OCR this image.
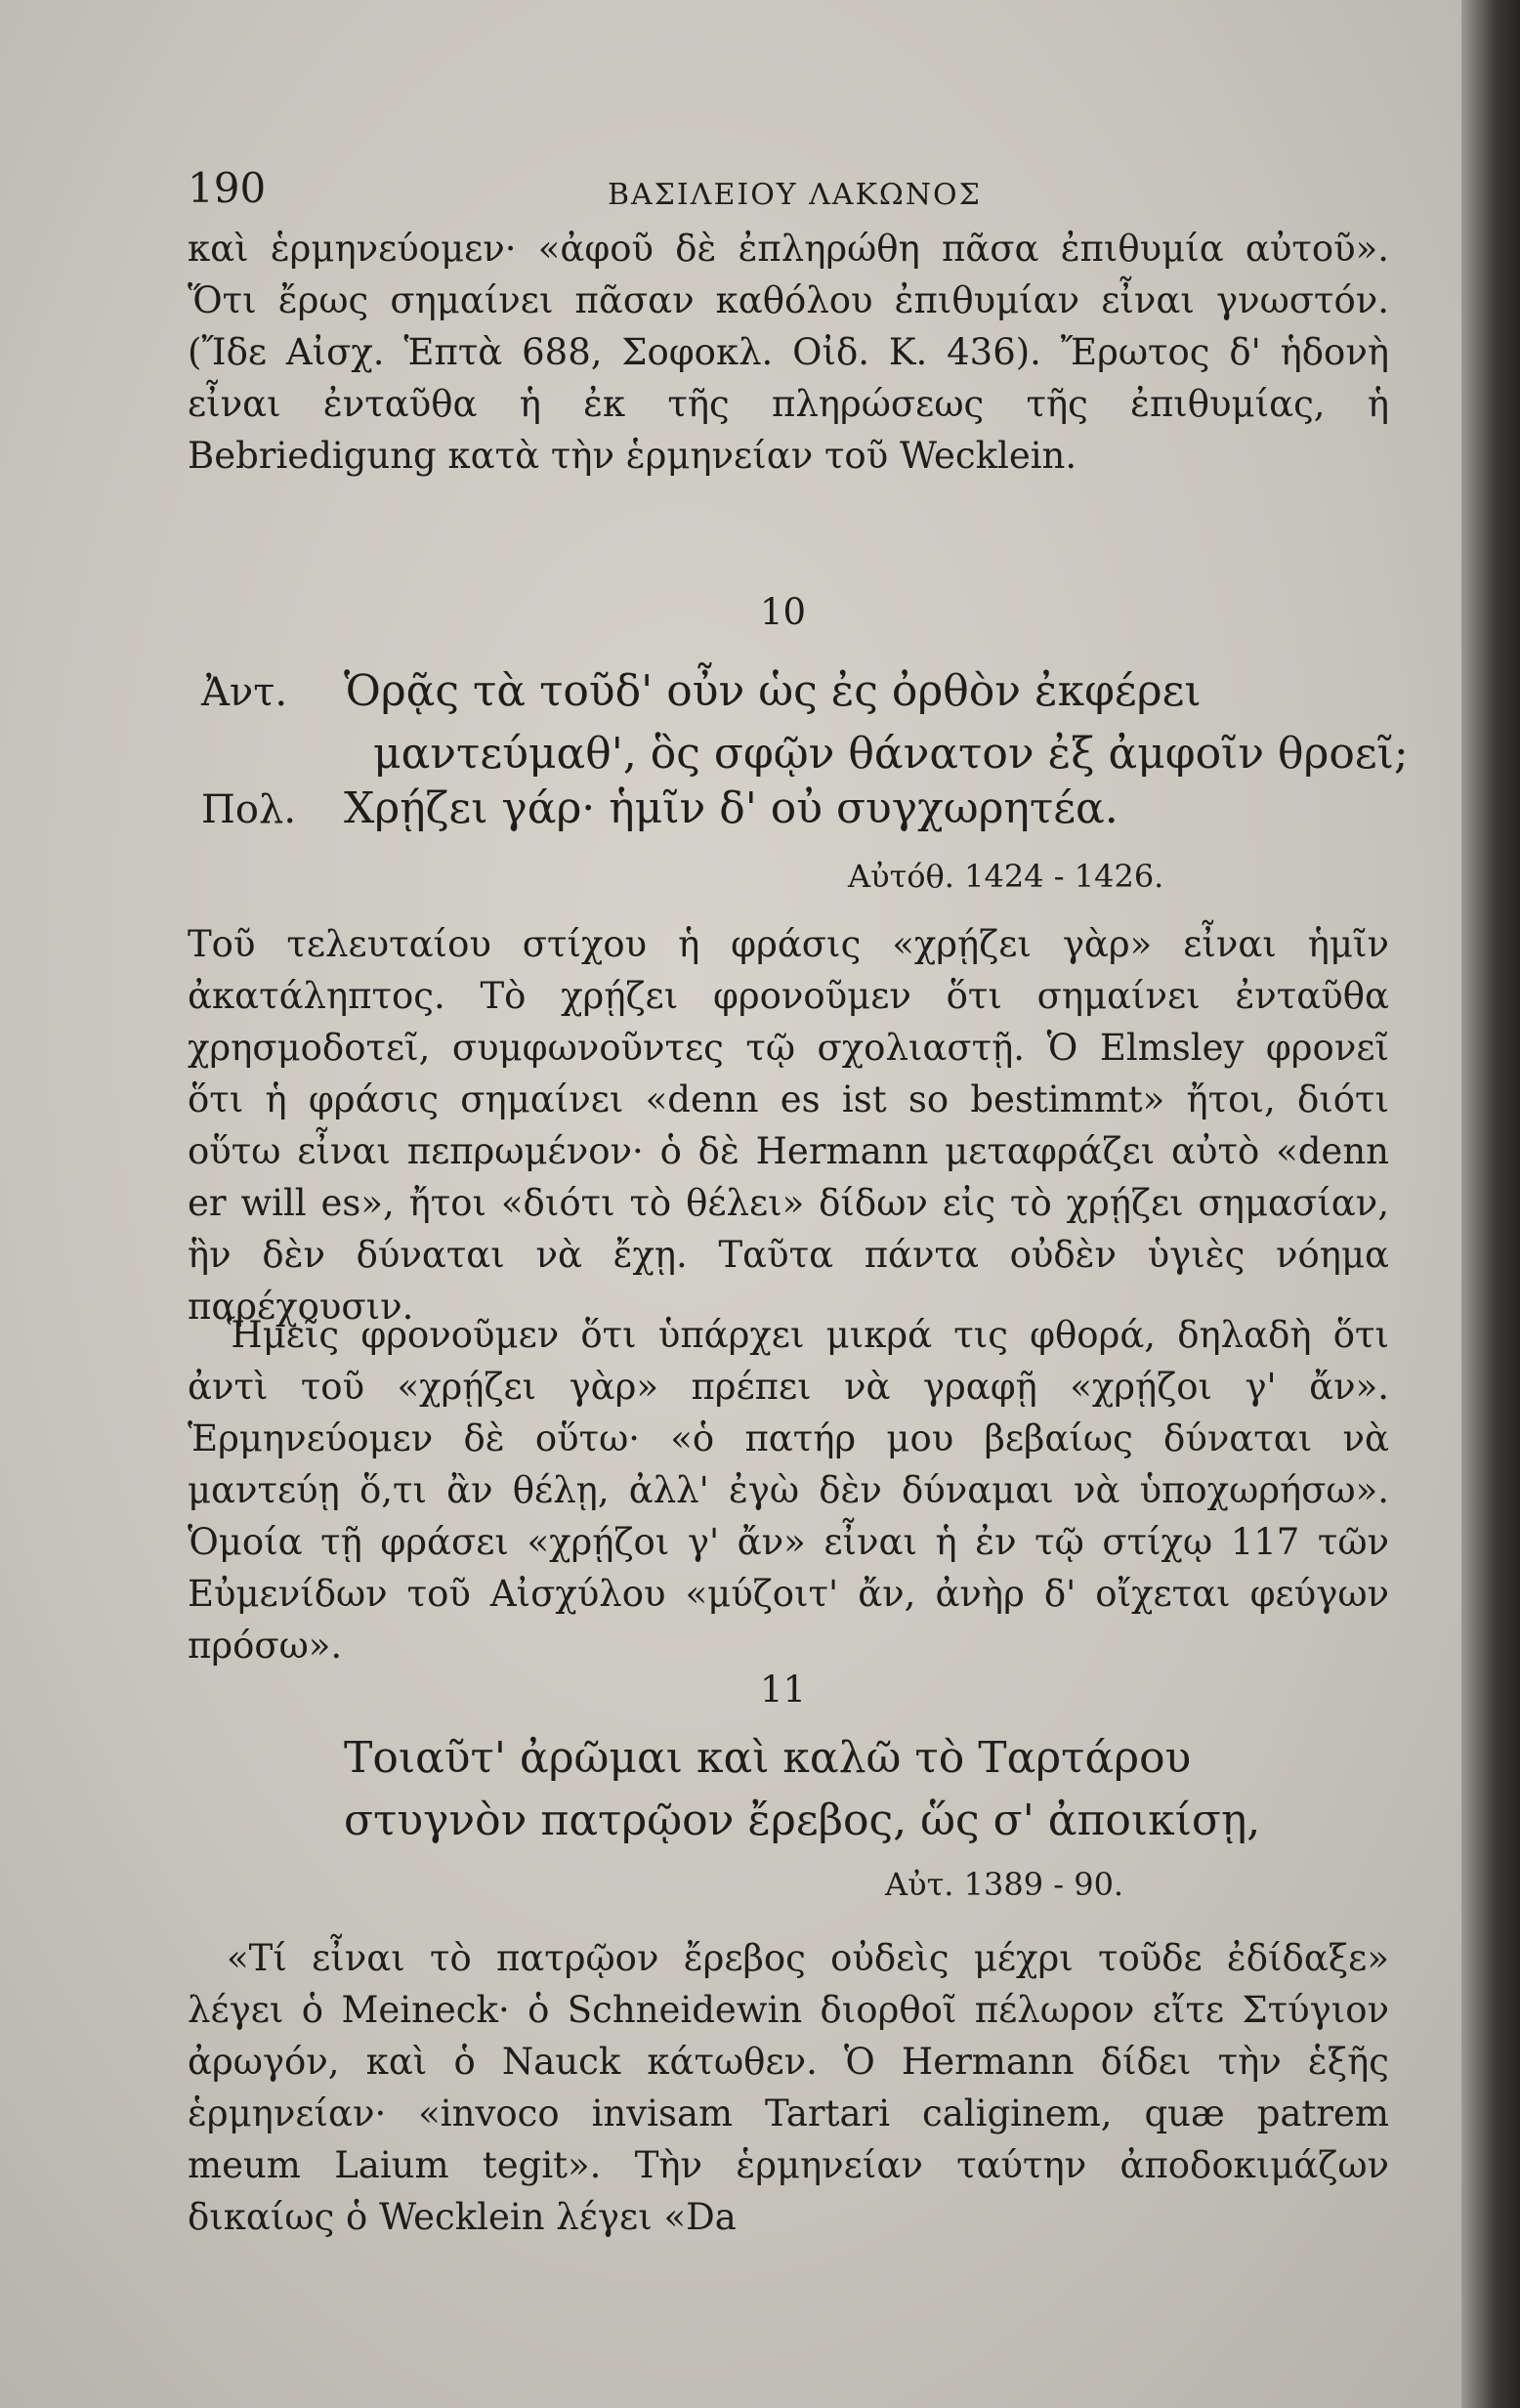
190	ΒΑΣΙΛΕΙΟΥ ΛΑΚΩΝΟΣ

καὶ ἑρμηνεύομεν· «ἀφοῦ δὲ ἐπληρώθη πᾶσα ἐπιθυμία αὐτοῦ». Ὅτι ἔρως σημαίνει πᾶσαν καθόλου ἐπιθυμίαν εἶναι γνωστόν. (Ἴδε Αἰσχ. Ἑπτὰ 688, Σοφοκλ. Οἰδ. Κ. 436). Ἔρωτος δ' ἡδονὴ εἶναι ἐνταῦθα ἡ ἐκ τῆς πληρώσεως τῆς ἐπιθυμίας, ἡ Bebriedigung κατὰ τὴν ἑρμηνείαν τοῦ Wecklein.

10
Ἀντ. Ὁρᾷς τὰ τοῦδ' οὖν ὡς ἐς ὀρθὸν ἐκφέρει
μαντεύμαθ', ὃς σφῷν θάνατον ἐξ ἀμφοῖν θροεῖ;
Πολ. Χρῄζει γάρ· ἡμῖν δ' οὐ συγχωρητέα.
Αὐτόθ. 1424 - 1426.

Τοῦ τελευταίου στίχου ἡ φράσις «χρῄζει γὰρ» εἶναι ἡμῖν ἀκατάληπτος. Τὸ χρῄζει φρονοῦμεν ὅτι σημαίνει ἐνταῦθα χρησμοδοτεῖ, συμφωνοῦντες τῷ σχολιαστῇ. Ὁ Elmsley φρονεῖ ὅτι ἡ φράσις σημαίνει «denn es ist so bestimmt» ἤτοι, διότι οὕτω εἶναι πεπρωμένον· ὁ δὲ Hermann μεταφράζει αὐτὸ «denn er will es», ἤτοι «διότι τὸ θέλει» δίδων εἰς τὸ χρῄζει σημασίαν, ἣν δὲν δύναται νὰ ἔχῃ. Ταῦτα πάντα οὐδὲν ὑγιὲς νόημα παρέχουσιν.

Ἡμεῖς φρονοῦμεν ὅτι ὑπάρχει μικρά τις φθορά, δηλαδὴ ὅτι ἀντὶ τοῦ «χρῄζει γὰρ» πρέπει νὰ γραφῇ «χρῄζοι γ' ἄν». Ἑρμηνεύομεν δὲ οὕτω· «ὁ πατήρ μου βεβαίως δύναται νὰ μαντεύῃ ὅ,τι ἂν θέλῃ, ἀλλ' ἐγὼ δὲν δύναμαι νὰ ὑποχωρήσω». Ὁμοία τῇ φράσει «χρῄζοι γ' ἄν» εἶναι ἡ ἐν τῷ στίχῳ 117 τῶν Εὐμενίδων τοῦ Αἰσχύλου «μύζοιτ' ἄν, ἀνὴρ δ' οἴχεται φεύγων πρόσω».

11
Τοιαῦτ' ἀρῶμαι καὶ καλῶ τὸ Ταρτάρου
στυγνὸν πατρῷον ἔρεβος, ὥς σ' ἀποικίσῃ,
Αὐτ. 1389 - 90.

«Τί εἶναι τὸ πατρῷον ἔρεβος οὐδεὶς μέχρι τοῦδε ἐδίδαξε» λέγει ὁ Meineck· ὁ Schneidewin διορθοῖ πέλωρον εἴτε Στύγιον ἀρωγόν, καὶ ὁ Nauck κάτωθεν. Ὁ Hermann δίδει τὴν ἑξῆς ἑρμηνείαν· «invoco invisam Tartari caliginem, quæ patrem meum Laium tegit». Τὴν ἑρμηνείαν ταύτην ἀποδοκιμάζων δικαίως ὁ Wecklein λέγει «Da
